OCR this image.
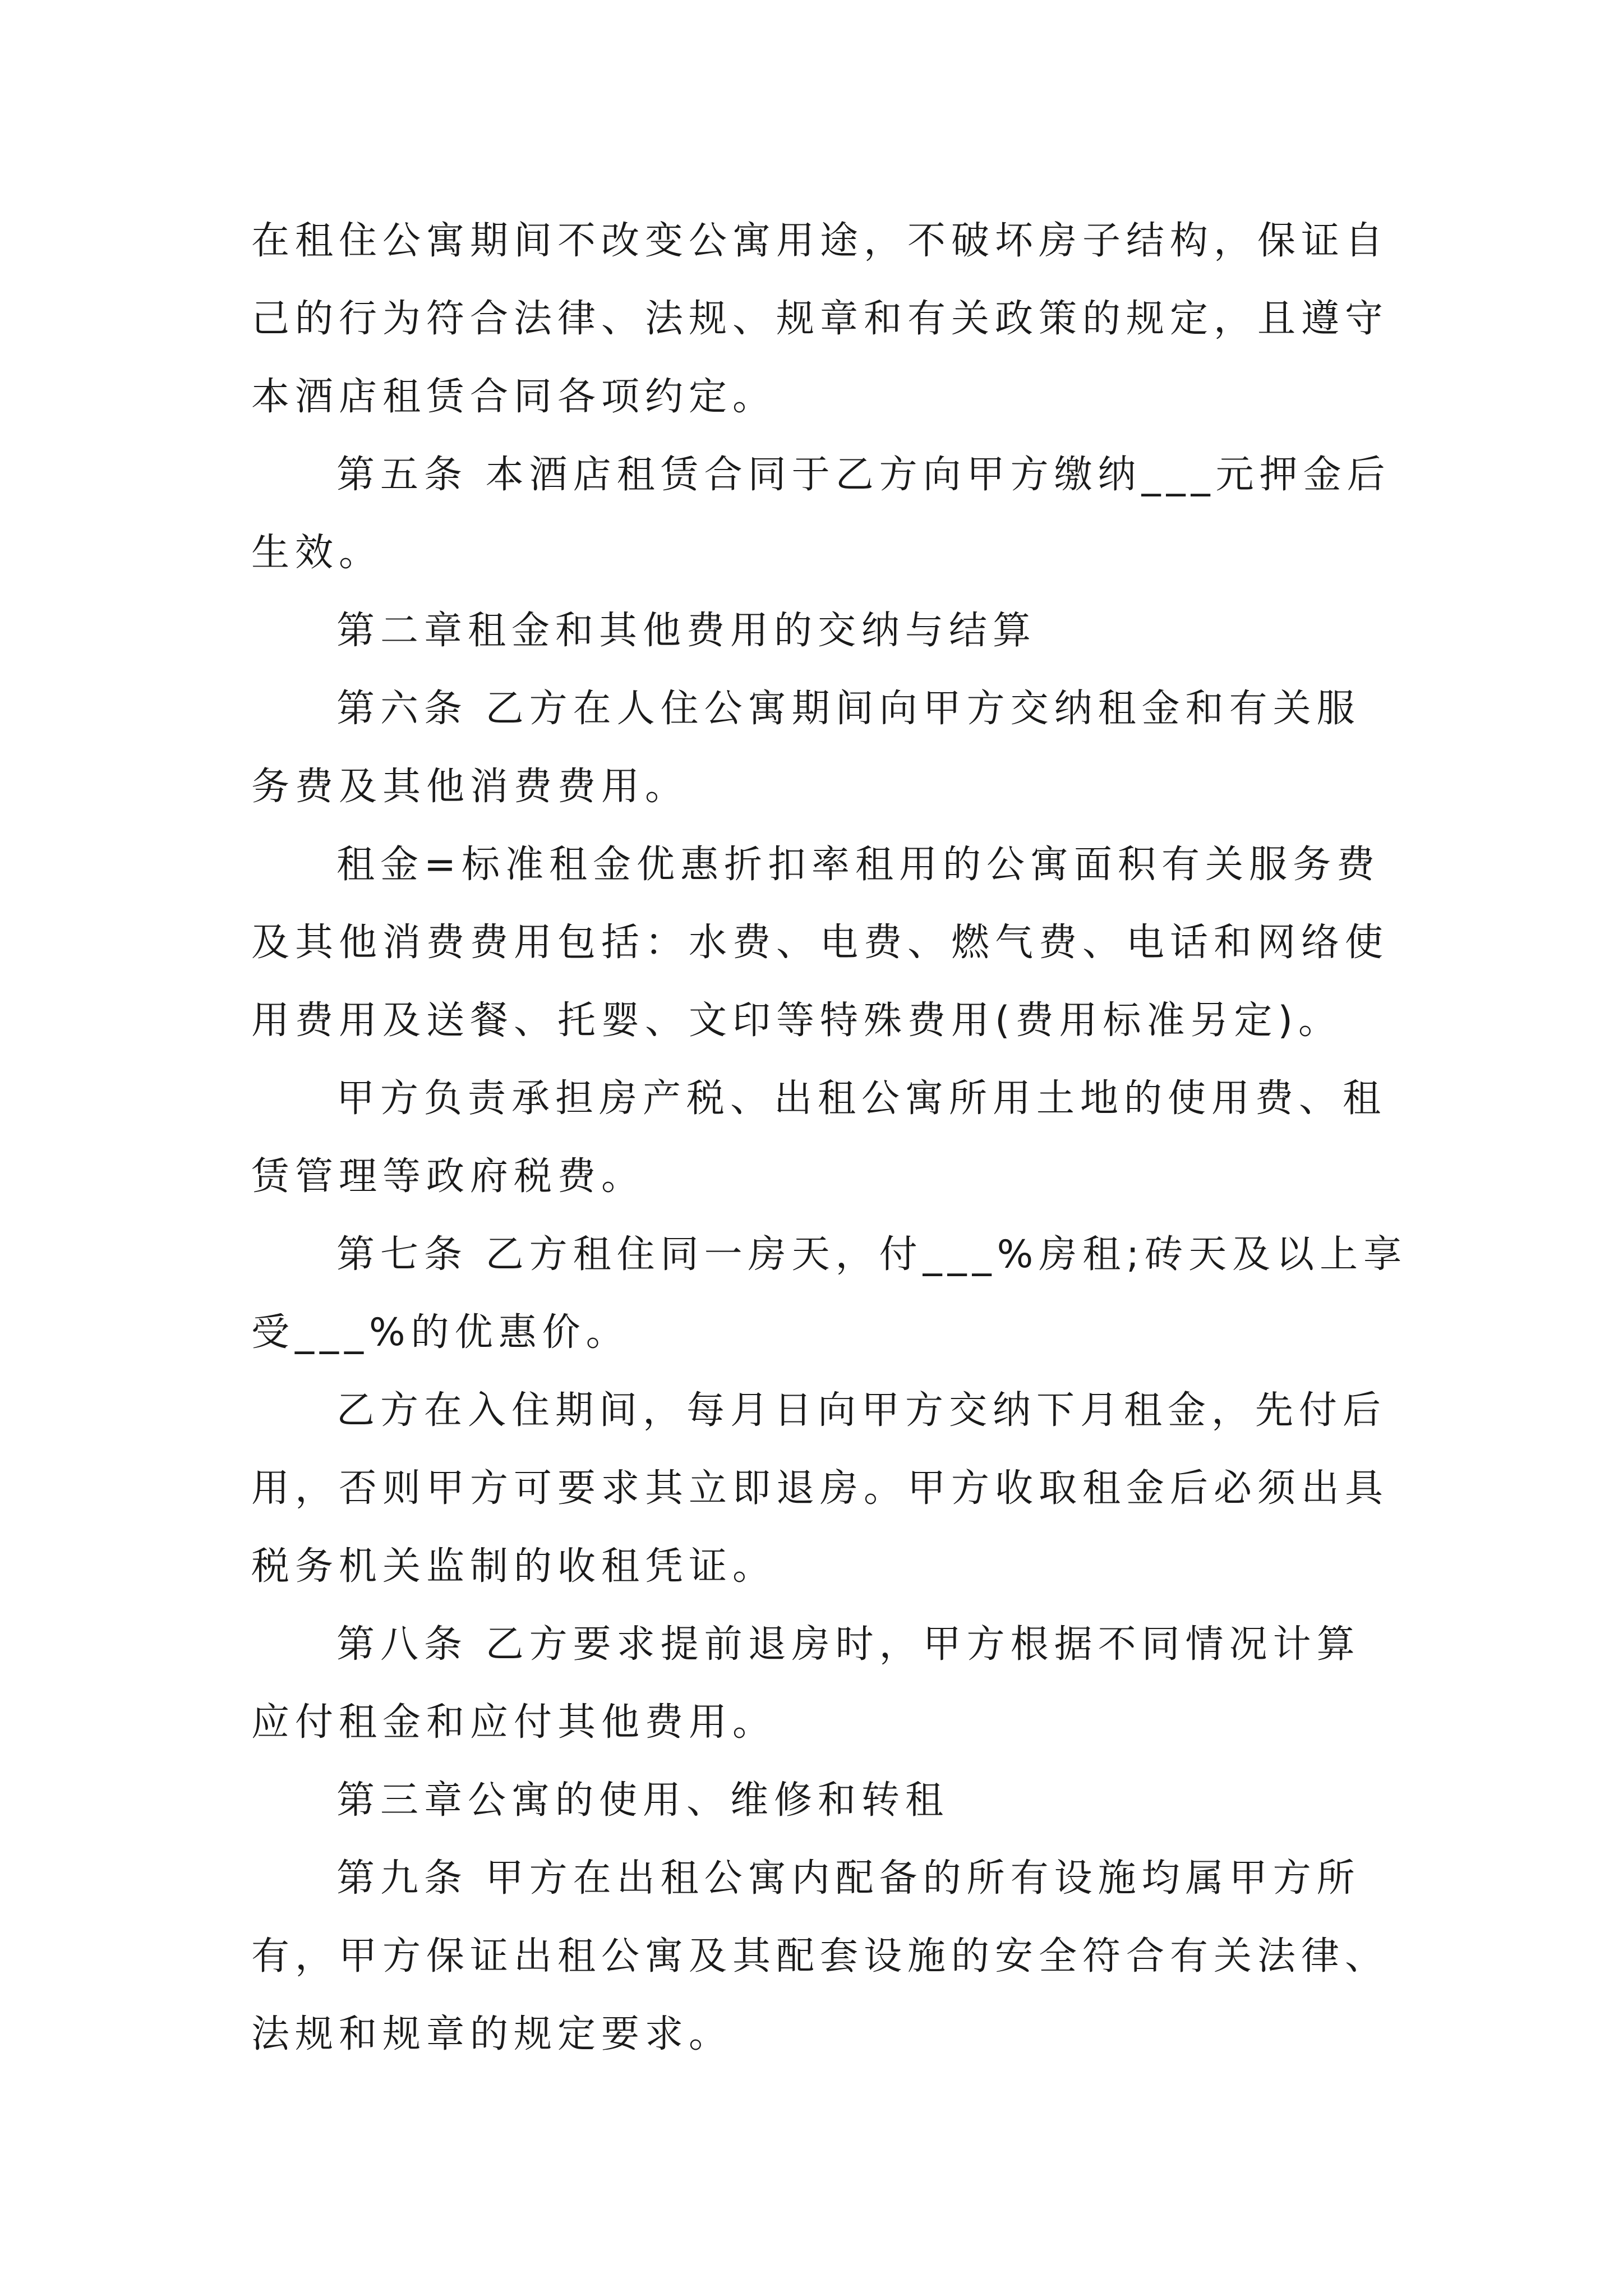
在租住公寓期间不改变公寓用途，不破坏房子结构，保证自
己的行为符合法律、法规、规章和有关政策的规定，且遵守
本酒店租赁合同各项约定。
第五条 本酒店租赁合同于乙方向甲方缴纳___元押金后
生效。
第二章租金和其他费用的交纳与结算
第六条 乙方在人住公寓期间向甲方交纳租金和有关服
务费及其他消费费用。
租金=标准租金优惠折扣率租用的公寓面积有关服务费
及其他消费费用包括：水费、电费、燃气费、电话和网络使
用费用及送餐、托婴、文印等特殊费用(费用标准另定)。
甲方负责承担房产税、出租公寓所用土地的使用费、租
赁管理等政府税费。
第七条 乙方租住同一房天，付___%房租;砖天及以上享
受___%的优惠价。
乙方在入住期间，每月日向甲方交纳下月租金，先付后
用，否则甲方可要求其立即退房。甲方收取租金后必须出具
税务机关监制的收租凭证。
第八条 乙方要求提前退房时，甲方根据不同情况计算
应付租金和应付其他费用。
第三章公寓的使用、维修和转租
第九条 甲方在出租公寓内配备的所有设施均属甲方所
有，甲方保证出租公寓及其配套设施的安全符合有关法律、
法规和规章的规定要求。
